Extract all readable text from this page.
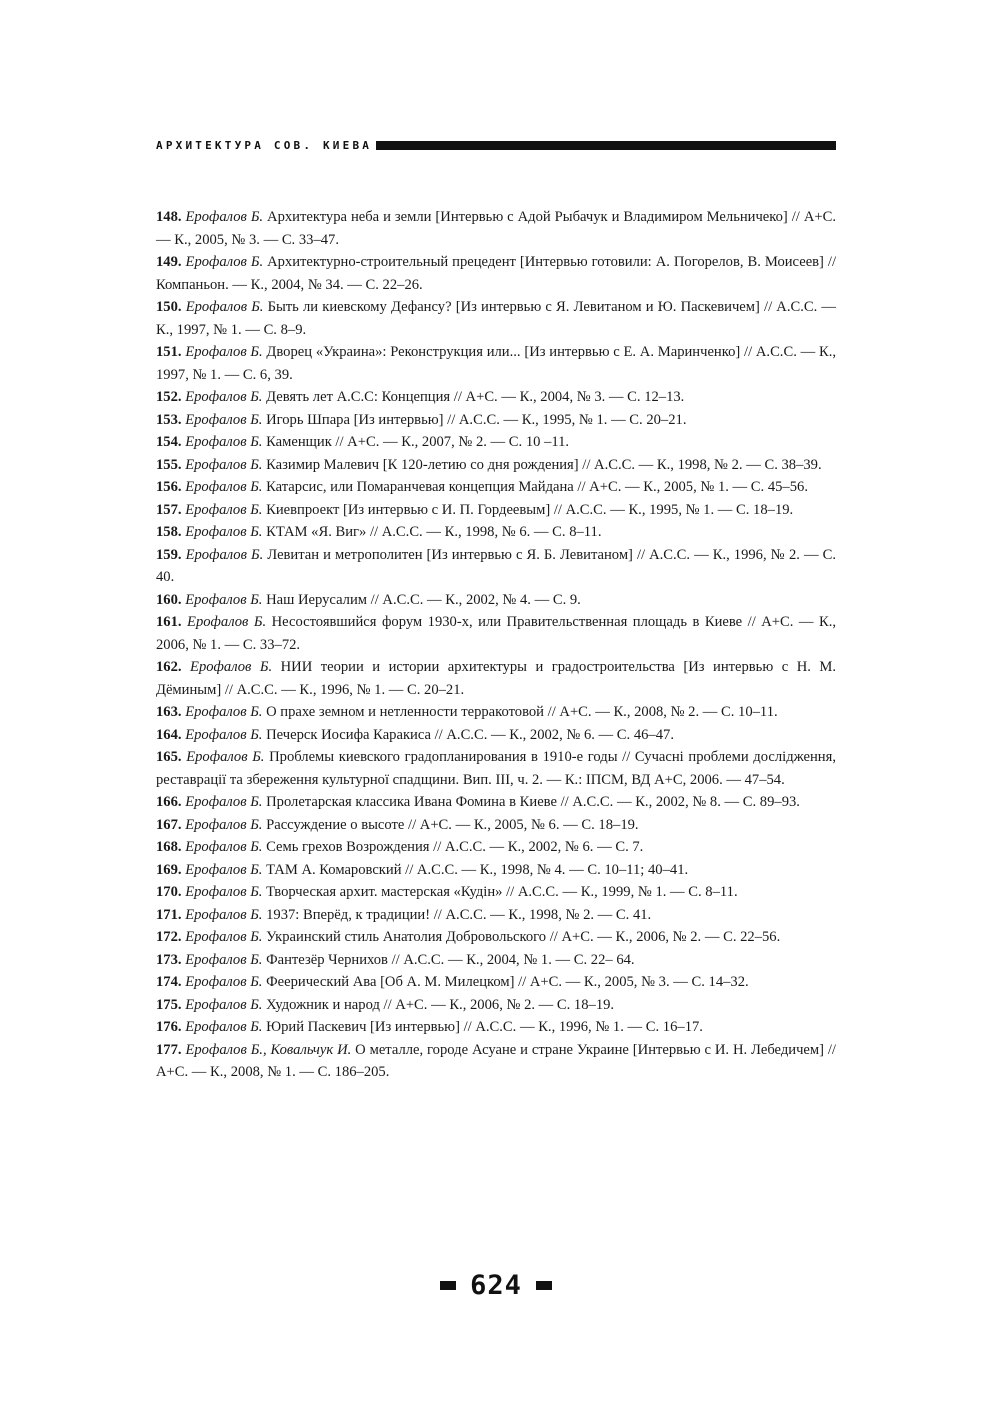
АРХИТЕКТУРА СОВ. КИЕВА

148. Ерофалов Б. Архитектура неба и земли [Интервью с Адой Рыбачук и Владимиром Мельничеко] // А+С. — К., 2005, № 3. — С. 33–47.

149. Ерофалов Б. Архитектурно-строительный прецедент [Интервью готовили: А. Погорелов, В. Моисеев] // Компаньон. — К., 2004, № 34. — С. 22–26.

150. Ерофалов Б. Быть ли киевскому Дефансу? [Из интервью с Я. Левитаном и Ю. Паскевичем] // А.С.С. — К., 1997, № 1. — С. 8–9.

151. Ерофалов Б. Дворец «Украина»: Реконструкция или... [Из интервью с Е. А. Маринченко] // А.С.С. — К., 1997, № 1. — С. 6, 39.

152. Ерофалов Б. Девять лет А.С.С: Концепция // А+С. — К., 2004, № 3. — С. 12–13.

153. Ерофалов Б. Игорь Шпара [Из интервью] // А.С.С. — К., 1995, № 1. — С. 20–21.

154. Ерофалов Б. Каменщик // А+С. — К., 2007, № 2. — С. 10 –11.

155. Ерофалов Б. Казимир Малевич [К 120-летию со дня рождения] // А.С.С. — К., 1998, № 2. — С. 38–39.

156. Ерофалов Б. Катарсис, или Помаранчевая концепция Майдана // А+С. — К., 2005, № 1. — С. 45–56.

157. Ерофалов Б. Киевпроект [Из интервью с И. П. Гордеевым] // А.С.С. — К., 1995, № 1. — С. 18–19.

158. Ерофалов Б. КТАМ «Я. Виг» // А.С.С. — К., 1998, № 6. — С. 8–11.

159. Ерофалов Б. Левитан и метрополитен [Из интервью с Я. Б. Левитаном] // А.С.С. — К., 1996, № 2. — С. 40.

160. Ерофалов Б. Наш Иерусалим // А.С.С. — К., 2002, № 4. — С. 9.

161. Ерофалов Б. Несостоявшийся форум 1930-х, или Правительственная площадь в Киеве // А+С. — К., 2006, № 1. — С. 33–72.

162. Ерофалов Б. НИИ теории и истории архитектуры и градостроительства [Из интервью с Н. М. Дёминым] // А.С.С. — К., 1996, № 1. — С. 20–21.

163. Ерофалов Б. О прахе земном и нетленности терракотовой // А+С. — К., 2008, № 2. — С. 10–11.

164. Ерофалов Б. Печерск Иосифа Каракиса // А.С.С. — К., 2002, № 6. — С. 46–47.

165. Ерофалов Б. Проблемы киевского градопланирования в 1910-е годы // Сучасні проблеми дослідження, реставрації та збереження культурної спадщини. Вип. III, ч. 2. — К.: ІПСМ, ВД А+С, 2006. — 47–54.

166. Ерофалов Б. Пролетарская классика Ивана Фомина в Киеве // А.С.С. — К., 2002, № 8. — С. 89–93.

167. Ерофалов Б. Рассуждение о высоте // А+С. — К., 2005, № 6. — С. 18–19.

168. Ерофалов Б. Семь грехов Возрождения // А.С.С. — К., 2002, № 6. — С. 7.

169. Ерофалов Б. ТАМ А. Комаровский // А.С.С. — К., 1998, № 4. — С. 10–11; 40–41.

170. Ерофалов Б. Творческая архит. мастерская «Кудін» // А.С.С. — К., 1999, № 1. — С. 8–11.

171. Ерофалов Б. 1937: Вперёд, к традиции! // А.С.С. — К., 1998, № 2. — С. 41.

172. Ерофалов Б. Украинский стиль Анатолия Добровольского // А+С. — К., 2006, № 2. — С. 22–56.

173. Ерофалов Б. Фантезёр Чернихов // А.С.С. — К., 2004, № 1. — С. 22– 64.

174. Ерофалов Б. Феерический Ава [Об А. М. Милецком] // А+С. — К., 2005, № 3. — С. 14–32.

175. Ерофалов Б. Художник и народ // А+С. — К., 2006, № 2. — С. 18–19.

176. Ерофалов Б. Юрий Паскевич [Из интервью] // А.С.С. — К., 1996, № 1. — С. 16–17.

177. Ерофалов Б., Ковальчук И. О металле, городе Асуане и стране Украине [Интервью с И. Н. Лебедичем] // А+С. — К., 2008, № 1. — С. 186–205.

624
